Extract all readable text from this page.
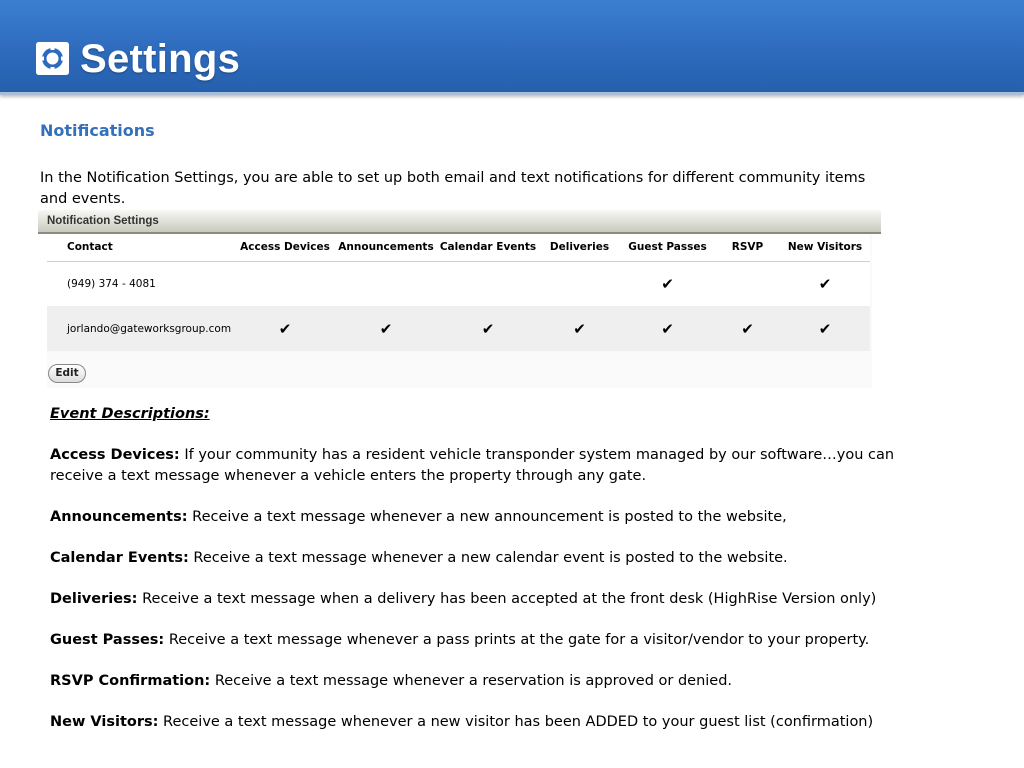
Settings
Notifications
In the Notification Settings, you are able to set up both email and text notifications for different community items and events.
Notification Settings
Contact	Access Devices	Announcements	Calendar Events	Deliveries	Guest Passes	RSVP	New Visitors
(949) 374 - 4081					✔		✔
jorlando@gateworksgroup.com	✔	✔	✔	✔	✔	✔	✔
Edit
Event Descriptions:
Access Devices: If your community has a resident vehicle transponder system managed by our software…you can receive a text message whenever a vehicle enters the property through any gate.
Announcements: Receive a text message whenever a new announcement is posted to the website,
Calendar Events: Receive a text message whenever a new calendar event is posted to the website.
Deliveries: Receive a text message when a delivery has been accepted at the front desk (HighRise Version only)
Guest Passes: Receive a text message whenever a pass prints at the gate for a visitor/vendor to your property.
RSVP Confirmation: Receive a text message whenever a reservation is approved or denied.
New Visitors: Receive a text message whenever a new visitor has been ADDED to your guest list (confirmation)
